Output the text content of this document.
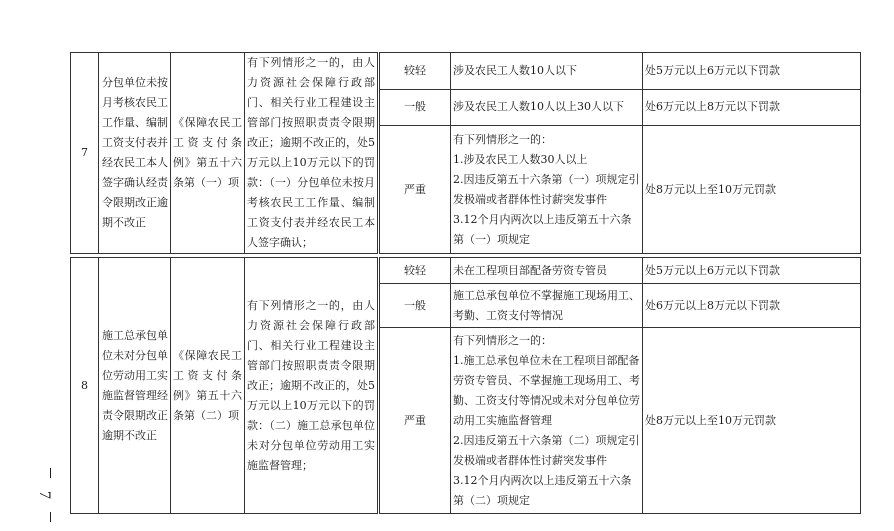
7
7	分包单位未按月考核农民工工作量、编制工资支付表并经农民工本人签字确认经责令限期改正逾期不改正	《保障农民工工资支付条例》第五十六条第（一）项	有下列情形之一的，由人力资源社会保障行政部门、相关行业工程建设主管部门按照职责责令限期改正；逾期不改正的，处5万元以上10万元以下的罚款：（一）分包单位未按月考核农民工工作量、编制工资支付表并经农民工本人签字确认；	较轻	涉及农民工人数10人以下	处5万元以上6万元以下罚款
				一般	涉及农民工人数10人以上30人以下	处6万元以上8万元以下罚款
				严重	有下列情形之一的：
1.涉及农民工人数30人以上
2.因违反第五十六条第（一）项规定引发极端或者群体性讨薪突发事件
3.12个月内两次以上违反第五十六条第（一）项规定	处8万元以上至10万元罚款

8	施工总承包单位未对分包单位劳动用工实施监督管理经责令限期改正逾期不改正	《保障农民工工资支付条例》第五十六条第（二）项	有下列情形之一的，由人力资源社会保障行政部门、相关行业工程建设主管部门按照职责责令限期改正；逾期不改正的，处5万元以上10万元以下的罚款：（二）施工总承包单位未对分包单位劳动用工实施监督管理；	较轻	未在工程项目部配备劳资专管员	处5万元以上6万元以下罚款
				一般	施工总承包单位不掌握施工现场用工、考勤、工资支付等情况	处6万元以上8万元以下罚款
				严重	有下列情形之一的：
1.施工总承包单位未在工程项目部配备劳资专管员、不掌握施工现场用工、考勤、工资支付等情况或未对分包单位劳动用工实施监督管理
2.因违反第五十六条第（二）项规定引发极端或者群体性讨薪突发事件
3.12个月内两次以上违反第五十六条第（二）项规定	处8万元以上至10万元罚款
